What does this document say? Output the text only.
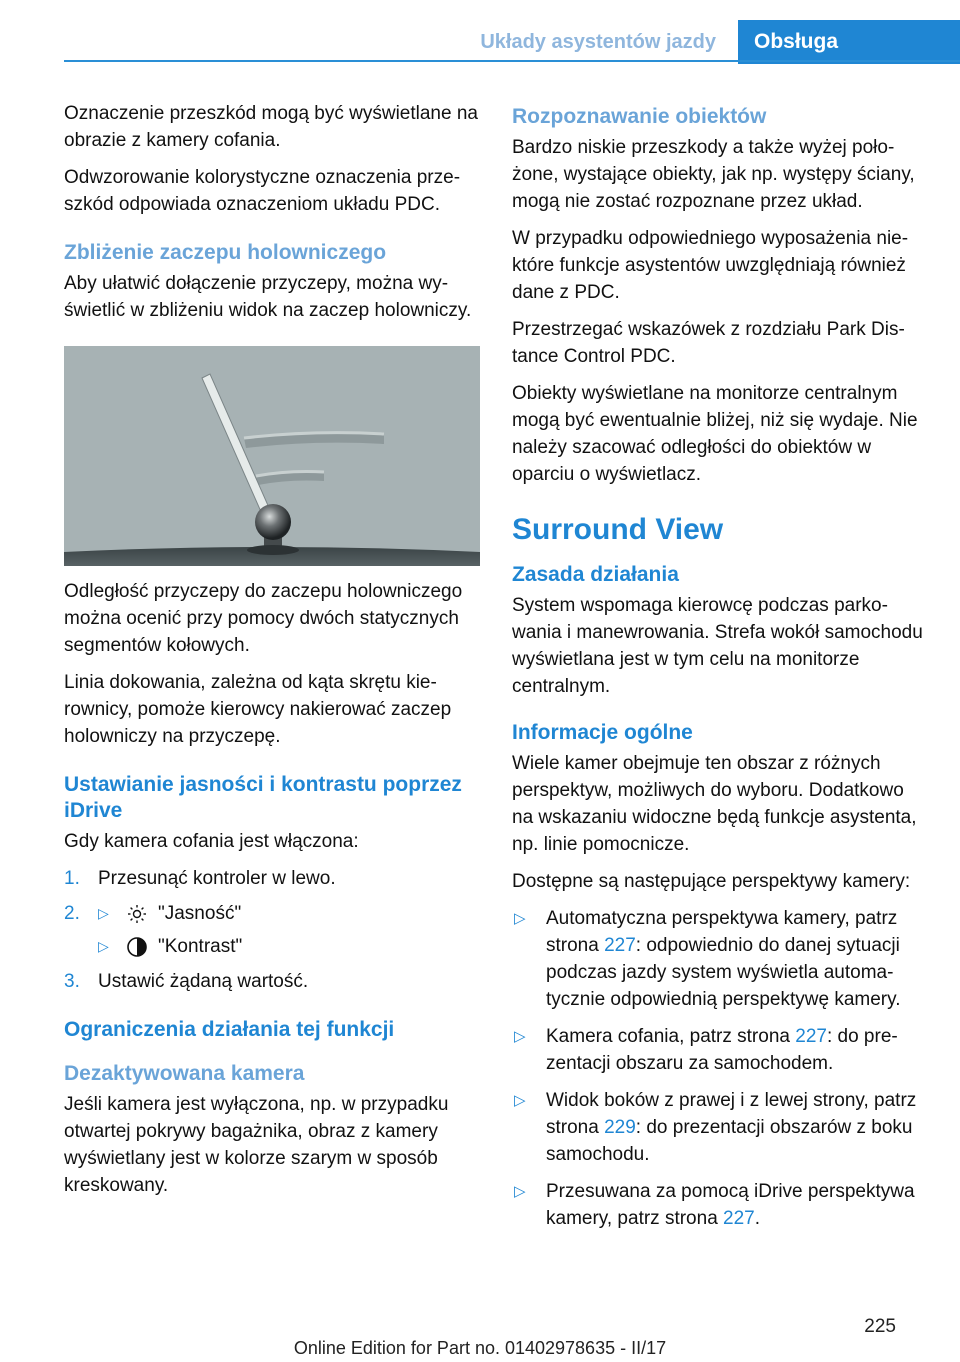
Układy asystentów jazdy	Obsługa

Oznaczenie przeszkód mogą być wyświetlane na obrazie z kamery cofania.

Odwzorowanie kolorystyczne oznaczenia przeszkód odpowiada oznaczeniom układu PDC.

Zbliżenie zaczepu holowniczego

Aby ułatwić dołączenie przyczepy, można wyświetlić w zbliżeniu widok na zaczep holowniczy.

Odległość przyczepy do zaczepu holowniczego można ocenić przy pomocy dwóch statycznych segmentów kołowych.

Linia dokowania, zależna od kąta skrętu kierownicy, pomoże kierowcy nakierować zaczep holowniczy na przyczepę.

Ustawianie jasności i kontrastu poprzez iDrive

Gdy kamera cofania jest włączona:

1. Przesunąć kontroler w lewo.
2. ▷	"Jasność"
▷	"Kontrast"
3. Ustawić żądaną wartość.
Ograniczenia działania tej funkcji
Dezaktywowana kamera

Jeśli kamera jest wyłączona, np. w przypadku otwartej pokrywy bagażnika, obraz z kamery wyświetlany jest w kolorze szarym w sposób kreskowany.

Rozpoznawanie obiektów

Bardzo niskie przeszkody a także wyżej położone, wystające obiekty, jak np. występy ściany, mogą nie zostać rozpoznane przez układ.

W przypadku odpowiedniego wyposażenia niektóre funkcje asystentów uwzględniają również dane z PDC.

Przestrzegać wskazówek z rozdziału Park Distance Control PDC.

Obiekty wyświetlane na monitorze centralnym mogą być ewentualnie bliżej, niż się wydaje. Nie należy szacować odległości do obiektów w oparciu o wyświetlacz.

Surround View
Zasada działania

System wspomaga kierowcę podczas parkowania i manewrowania. Strefa wokół samochodu wyświetlana jest w tym celu na monitorze centralnym.

Informacje ogólne

Wiele kamer obejmuje ten obszar z różnych perspektyw, możliwych do wyboru. Dodatkowo na wskazaniu widoczne będą funkcje asystenta, np. linie pomocnicze.

Dostępne są następujące perspektywy kamery:

▷ Automatyczna perspektywa kamery, patrz strona 227: odpowiednio do danej sytuacji podczas jazdy system wyświetla automatycznie odpowiednią perspektywę kamery.
▷ Kamera cofania, patrz strona 227: do prezentacji obszaru za samochodem.
▷ Widok boków z prawej i z lewej strony, patrz strona 229: do prezentacji obszarów z boku samochodu.
▷ Przesuwana za pomocą iDrive perspektywa kamery, patrz strona 227.
225
Online Edition for Part no. 01402978635 - II/17
